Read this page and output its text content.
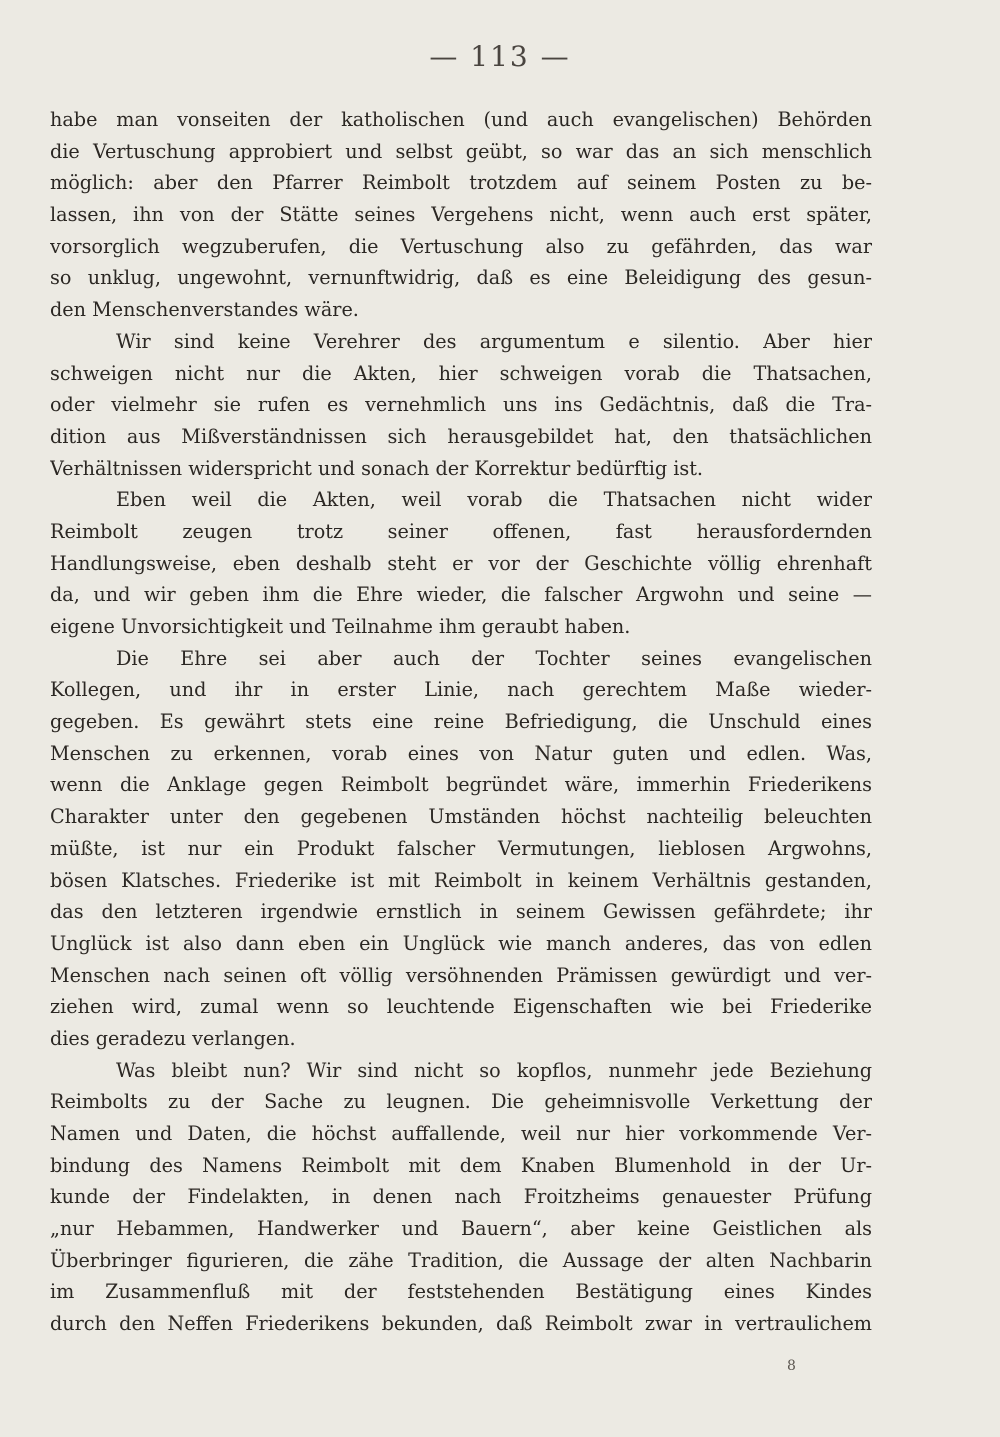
— 113 —
habe man vonseiten der katholischen (und auch evangelischen) Behörden
die Vertuschung approbiert und selbst geübt, so war das an sich menschlich
möglich: aber den Pfarrer Reimbolt trotzdem auf seinem Posten zu be-
lassen, ihn von der Stätte seines Vergehens nicht, wenn auch erst später,
vorsorglich wegzuberufen, die Vertuschung also zu gefährden, das war
so unklug, ungewohnt, vernunftwidrig, daß es eine Beleidigung des gesun-
den Menschenverstandes wäre.
Wir sind keine Verehrer des argumentum e silentio. Aber hier
schweigen nicht nur die Akten, hier schweigen vorab die Thatsachen,
oder vielmehr sie rufen es vernehmlich uns ins Gedächtnis, daß die Tra-
dition aus Mißverständnissen sich herausgebildet hat, den thatsächlichen
Verhältnissen widerspricht und sonach der Korrektur bedürftig ist.
Eben weil die Akten, weil vorab die Thatsachen nicht wider
Reimbolt zeugen trotz seiner offenen, fast herausfordernden
Handlungsweise, eben deshalb steht er vor der Geschichte völlig ehrenhaft
da, und wir geben ihm die Ehre wieder, die falscher Argwohn und seine —
eigene Unvorsichtigkeit und Teilnahme ihm geraubt haben.
Die Ehre sei aber auch der Tochter seines evangelischen
Kollegen, und ihr in erster Linie, nach gerechtem Maße wieder-
gegeben. Es gewährt stets eine reine Befriedigung, die Unschuld eines
Menschen zu erkennen, vorab eines von Natur guten und edlen. Was,
wenn die Anklage gegen Reimbolt begründet wäre, immerhin Friederikens
Charakter unter den gegebenen Umständen höchst nachteilig beleuchten
müßte, ist nur ein Produkt falscher Vermutungen, lieblosen Argwohns,
bösen Klatsches. Friederike ist mit Reimbolt in keinem Verhältnis gestanden,
das den letzteren irgendwie ernstlich in seinem Gewissen gefährdete; ihr
Unglück ist also dann eben ein Unglück wie manch anderes, das von edlen
Menschen nach seinen oft völlig versöhnenden Prämissen gewürdigt und ver-
ziehen wird, zumal wenn so leuchtende Eigenschaften wie bei Friederike
dies geradezu verlangen.
Was bleibt nun? Wir sind nicht so kopflos, nunmehr jede Beziehung
Reimbolts zu der Sache zu leugnen. Die geheimnisvolle Verkettung der
Namen und Daten, die höchst auffallende, weil nur hier vorkommende Ver-
bindung des Namens Reimbolt mit dem Knaben Blumenhold in der Ur-
kunde der Findelakten, in denen nach Froitzheims genauester Prüfung
„nur Hebammen, Handwerker und Bauern“, aber keine Geistlichen als
Überbringer figurieren, die zähe Tradition, die Aussage der alten Nachbarin
im Zusammenfluß mit der feststehenden Bestätigung eines Kindes
durch den Neffen Friederikens bekunden, daß Reimbolt zwar in vertraulichem
8
